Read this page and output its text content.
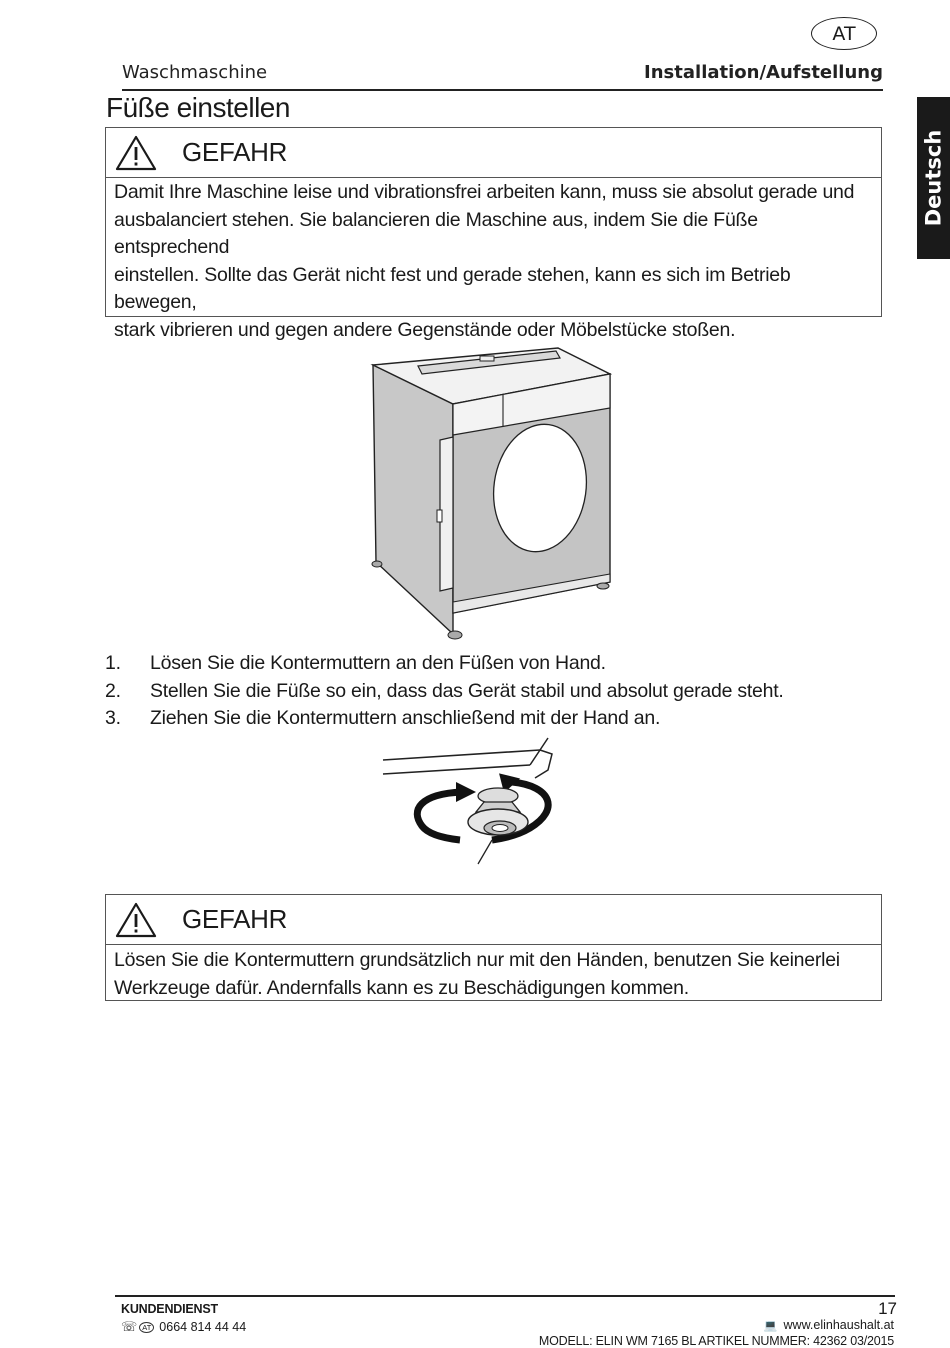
AT
Waschmaschine	Installation/Aufstellung
Deutsch
Füße einstellen
GEFAHR
Damit Ihre Maschine leise und vibrationsfrei arbeiten kann, muss sie absolut gerade und
ausbalanciert stehen. Sie balancieren die Maschine aus, indem Sie die Füße entsprechend
einstellen. Sollte das Gerät nicht fest und gerade stehen, kann es sich im Betrieb bewegen,
stark vibrieren und gegen andere Gegenstände oder Möbelstücke stoßen.
1.	Lösen Sie die Kontermuttern an den Füßen von Hand.
2.	Stellen Sie die Füße so ein, dass das Gerät stabil und absolut gerade steht.
3.	Ziehen Sie die Kontermuttern anschließend mit der Hand an.
GEFAHR
Lösen Sie die Kontermuttern grundsätzlich nur mit den Händen, benutzen Sie keinerlei
Werkzeuge dafür. Andernfalls kann es zu Beschädigungen kommen.
KUNDENDIENST
☏ AT 0664 814 44 44
17
💻 www.elinhaushalt.at
MODELL: ELIN WM 7165 BL ARTIKEL NUMMER: 42362 03/2015
